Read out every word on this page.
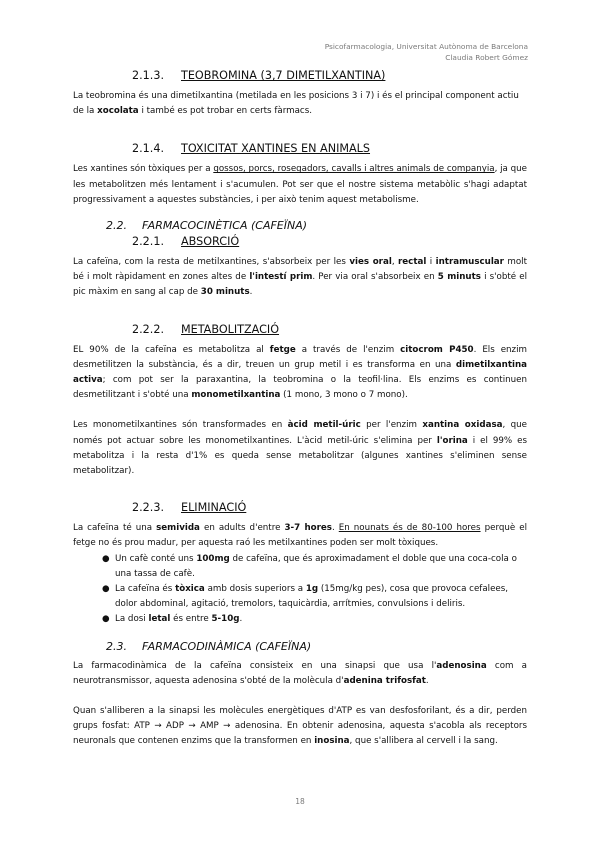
Psicofarmacologia, Universitat Autònoma de Barcelona
Claudia Robert Gómez
2.1.3. TEOBROMINA (3,7 DIMETILXANTINA)

La teobromina és una dimetilxantina (metilada en les posicions 3 i 7) i és el principal component actiu de la xocolata i també es pot trobar en certs fàrmacs.

2.1.4. TOXICITAT XANTINES EN ANIMALS

Les xantines són tòxiques per a gossos, porcs, rosegadors, cavalls i altres animals de companyia, ja que les metabolitzen més lentament i s'acumulen. Pot ser que el nostre sistema metabòlic s'hagi adaptat progressivament a aquestes substàncies, i per això tenim aquest metabolisme.

2.2. FARMACOCINÈTICA (CAFEÏNA)
2.2.1. ABSORCIÓ

La cafeïna, com la resta de metilxantines, s'absorbeix per les vies oral, rectal i intramuscular molt bé i molt ràpidament en zones altes de l'intestí prim. Per via oral s'absorbeix en 5 minuts i s'obté el pic màxim en sang al cap de 30 minuts.

2.2.2. METABOLITZACIÓ

EL 90% de la cafeïna es metabolitza al fetge a través de l'enzim citocrom P450. Els enzim desmetilitzen la substància, és a dir, treuen un grup metil i es transforma en una dimetilxantina activa; com pot ser la paraxantina, la teobromina o la teofil·lina. Els enzims es continuen desmetilitzant i s'obté una monometilxantina (1 mono, 3 mono o 7 mono).

Les monometilxantines són transformades en àcid metil-úric per l'enzim xantina oxidasa, que només pot actuar sobre les monometilxantines. L'àcid metil-úric s'elimina per l'orina i el 99% es metabolitza i la resta d'1% es queda sense metabolitzar (algunes xantines s'eliminen sense metabolitzar).

2.2.3. ELIMINACIÓ

La cafeïna té una semivida en adults d'entre 3-7 hores. En nounats és de 80-100 hores perquè el fetge no és prou madur, per aquesta raó les metilxantines poden ser molt tòxiques.

● Un cafè conté uns 100mg de cafeïna, que és aproximadament el doble que una coca-cola o una tassa de cafè.
● La cafeïna és tòxica amb dosis superiors a 1g (15mg/kg pes), cosa que provoca cefalees, dolor abdominal, agitació, tremolors, taquicàrdia, arrítmies, convulsions i deliris.
● La dosi letal és entre 5-10g.
2.3. FARMACODINÀMICA (CAFEÏNA)

La farmacodinàmica de la cafeïna consisteix en una sinapsi que usa l'adenosina com a neurotransmissor, aquesta adenosina s'obté de la molècula d'adenina trifosfat.

Quan s'alliberen a la sinapsi les molècules energètiques d'ATP es van desfosforilant, és a dir, perden grups fosfat: ATP → ADP → AMP → adenosina. En obtenir adenosina, aquesta s'acobla als receptors neuronals que contenen enzims que la transformen en inosina, que s'allibera al cervell i la sang.

18
